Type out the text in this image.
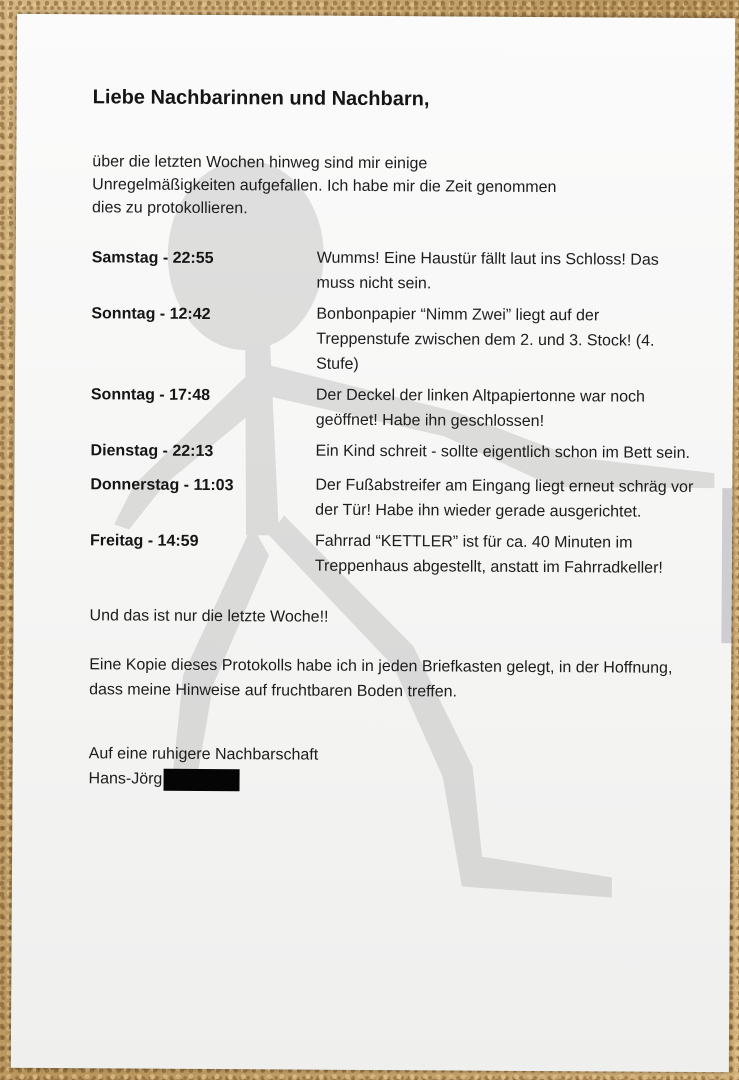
Liebe Nachbarinnen und Nachbarn,

über die letzten Wochen hinweg sind mir einige Unregelmäßigkeiten aufgefallen. Ich habe mir die Zeit genommen dies zu protokollieren.

Samstag - 22:55	Wumms! Eine Haustür fällt laut ins Schloss! Das muss nicht sein.

Sonntag - 12:42	Bonbonpapier “Nimm Zwei” liegt auf der Treppenstufe zwischen dem 2. und 3. Stock! (4. Stufe)

Sonntag - 17:48	Der Deckel der linken Altpapiertonne war noch geöffnet! Habe ihn geschlossen!

Dienstag - 22:13	Ein Kind schreit - sollte eigentlich schon im Bett sein.

Donnerstag - 11:03	Der Fußabstreifer am Eingang liegt erneut schräg vor der Tür! Habe ihn wieder gerade ausgerichtet.

Freitag - 14:59	Fahrrad “KETTLER” ist für ca. 40 Minuten im Treppenhaus abgestellt, anstatt im Fahrradkeller!

Und das ist nur die letzte Woche!!

Eine Kopie dieses Protokolls habe ich in jeden Briefkasten gelegt, in der Hoffnung, dass meine Hinweise auf fruchtbaren Boden treffen.

Auf eine ruhigere Nachbarschaft
Hans-Jörg
